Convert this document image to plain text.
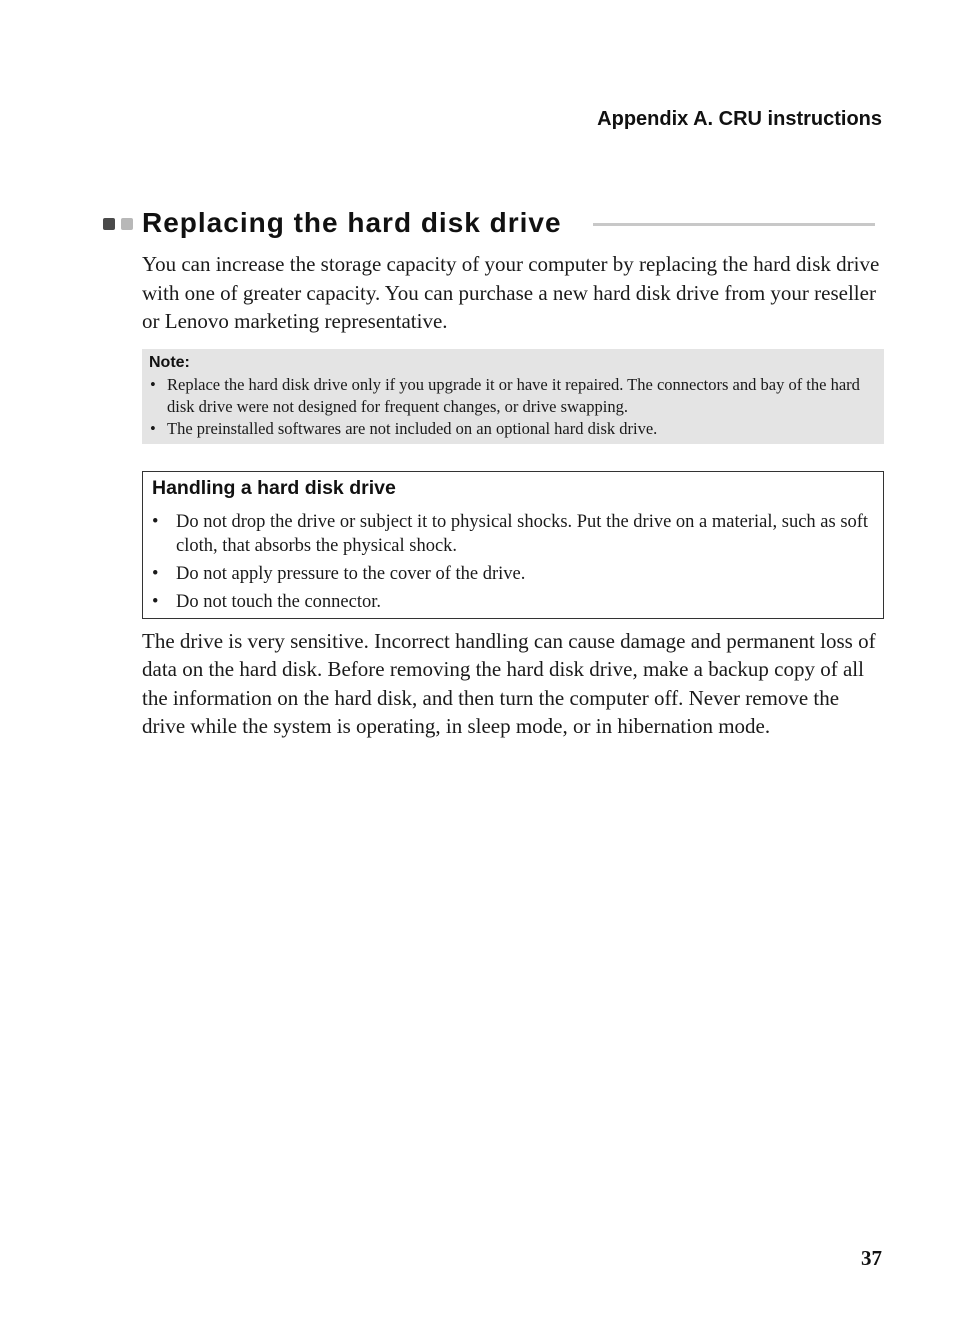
Appendix A. CRU instructions
Replacing the hard disk drive

You can increase the storage capacity of your computer by replacing the hard disk drive with one of greater capacity. You can purchase a new hard disk drive from your reseller or Lenovo marketing representative.

Note:
• Replace the hard disk drive only if you upgrade it or have it repaired. The connectors and bay of the hard disk drive were not designed for frequent changes, or drive swapping.
• The preinstalled softwares are not included on an optional hard disk drive.
Handling a hard disk drive
• Do not drop the drive or subject it to physical shocks. Put the drive on a material, such as soft cloth, that absorbs the physical shock.
• Do not apply pressure to the cover of the drive.
• Do not touch the connector.

The drive is very sensitive. Incorrect handling can cause damage and permanent loss of data on the hard disk. Before removing the hard disk drive, make a backup copy of all the information on the hard disk, and then turn the computer off. Never remove the drive while the system is operating, in sleep mode, or in hibernation mode.

37
